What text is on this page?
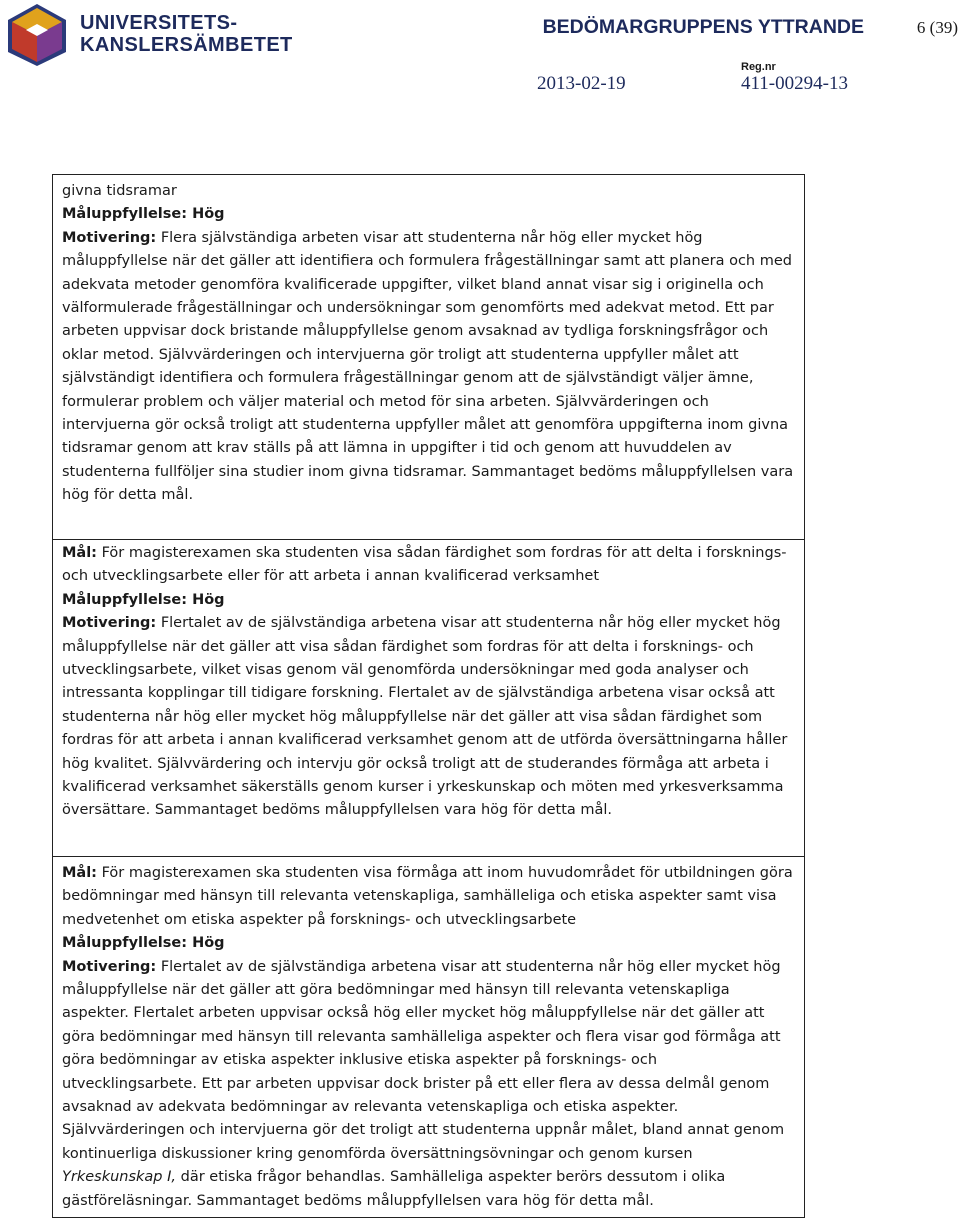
UNIVERSITETS-
KANSLERSÄMBETET
BEDÖMARGRUPPENS YTTRANDE	6 (39)
Reg.nr
2013-02-19	411-00294-13

givna tidsramar

Måluppfyllelse: Hög

Motivering: Flera självständiga arbeten visar att studenterna når hög eller mycket hög måluppfyllelse när det gäller att identifiera och formulera frågeställningar samt att planera och med adekvata metoder genomföra kvalificerade uppgifter, vilket bland annat visar sig i originella och välformulerade frågeställningar och undersökningar som genomförts med adekvat metod. Ett par arbeten uppvisar dock bristande måluppfyllelse genom avsaknad av tydliga forskningsfrågor och oklar metod. Självvärderingen och intervjuerna gör troligt att studenterna uppfyller målet att självständigt identifiera och formulera frågeställningar genom att de självständigt väljer ämne, formulerar problem och väljer material och metod för sina arbeten. Självvärderingen och intervjuerna gör också troligt att studenterna uppfyller målet att genomföra uppgifterna inom givna tidsramar genom att krav ställs på att lämna in uppgifter i tid och genom att huvuddelen av studenterna fullföljer sina studier inom givna tidsramar. Sammantaget bedöms måluppfyllelsen vara hög för detta mål.

Mål: För magisterexamen ska studenten visa sådan färdighet som fordras för att delta i forsknings- och utvecklingsarbete eller för att arbeta i annan kvalificerad verksamhet

Måluppfyllelse: Hög

Motivering: Flertalet av de självständiga arbetena visar att studenterna når hög eller mycket hög måluppfyllelse när det gäller att visa sådan färdighet som fordras för att delta i forsknings- och utvecklingsarbete, vilket visas genom väl genomförda undersökningar med goda analyser och intressanta kopplingar till tidigare forskning. Flertalet av de självständiga arbetena visar också att studenterna når hög eller mycket hög måluppfyllelse när det gäller att visa sådan färdighet som fordras för att arbeta i annan kvalificerad verksamhet genom att de utförda översättningarna håller hög kvalitet. Självvärdering och intervju gör också troligt att de studerandes förmåga att arbeta i kvalificerad verksamhet säkerställs genom kurser i yrkeskunskap och möten med yrkesverksamma översättare. Sammantaget bedöms måluppfyllelsen vara hög för detta mål.

Mål: För magisterexamen ska studenten visa förmåga att inom huvudområdet för utbildningen göra bedömningar med hänsyn till relevanta vetenskapliga, samhälleliga och etiska aspekter samt visa medvetenhet om etiska aspekter på forsknings- och utvecklingsarbete

Måluppfyllelse: Hög

Motivering: Flertalet av de självständiga arbetena visar att studenterna når hög eller mycket hög måluppfyllelse när det gäller att göra bedömningar med hänsyn till relevanta vetenskapliga aspekter. Flertalet arbeten uppvisar också hög eller mycket hög måluppfyllelse när det gäller att göra bedömningar med hänsyn till relevanta samhälleliga aspekter och flera visar god förmåga att göra bedömningar av etiska aspekter inklusive etiska aspekter på forsknings- och utvecklingsarbete. Ett par arbeten uppvisar dock brister på ett eller flera av dessa delmål genom avsaknad av adekvata bedömningar av relevanta vetenskapliga och etiska aspekter. Självvärderingen och intervjuerna gör det troligt att studenterna uppnår målet, bland annat genom kontinuerliga diskussioner kring genomförda översättningsövningar och genom kursen Yrkeskunskap I, där etiska frågor behandlas. Samhälleliga aspekter berörs dessutom i olika gästföreläsningar. Sammantaget bedöms måluppfyllelsen vara hög för detta mål.
